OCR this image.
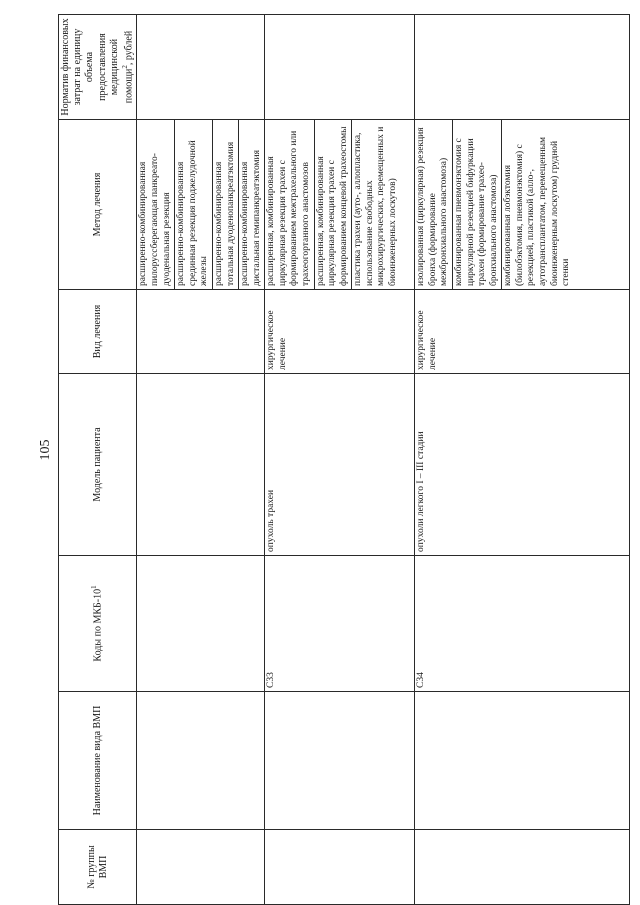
105
№ группы ВМП	Наименование вида ВМП	Коды по МКБ-$10^1$	Модель пациента	Вид лечения	Метод лечения	Норматив финансовых затрат на единицу объема предоставления медицинской помощи$^2$, рублей

					расширенно-комбинированная пилоруссберегающая панкреато-дуоденальная резекция расширенно-комбинированная срединная резекция поджелудочной железы расширенно-комбинированная тотальная дуоденопанкреатэктомия расширенно-комбинированная дистальная гемипанкреатэктомия	

		C33	опухоль трахеи	хирургическое лечение	расширенная, комбинированная циркулярная резекция трахеи с формированием межтрахеального или трахеогортанного анастомозов расширенная, комбинированная циркулярная резекция трахеи с формированием концевой трахеостомы пластика трахеи (ауто-, аллопластика, использование свободных микрохирургических, перемещенных и биоинженерных лоскутов)	

		C34	опухоли легкого I – III стадии	хирургическое лечение	изолированная (циркулярная) резекция бронха (формирование межбронхиального анастомоза) комбинированная пневмонэктомия с циркулярной резекцией бифуркации трахеи (формирование трахео-бронхиального анастомоза) комбинированная лобэктомия (билобэктомия, пневмонэктомия) с резекцией, пластикой (алло-, аутотрансплантатом, перемещенным биоинженерным лоскутом) грудной стенки	
